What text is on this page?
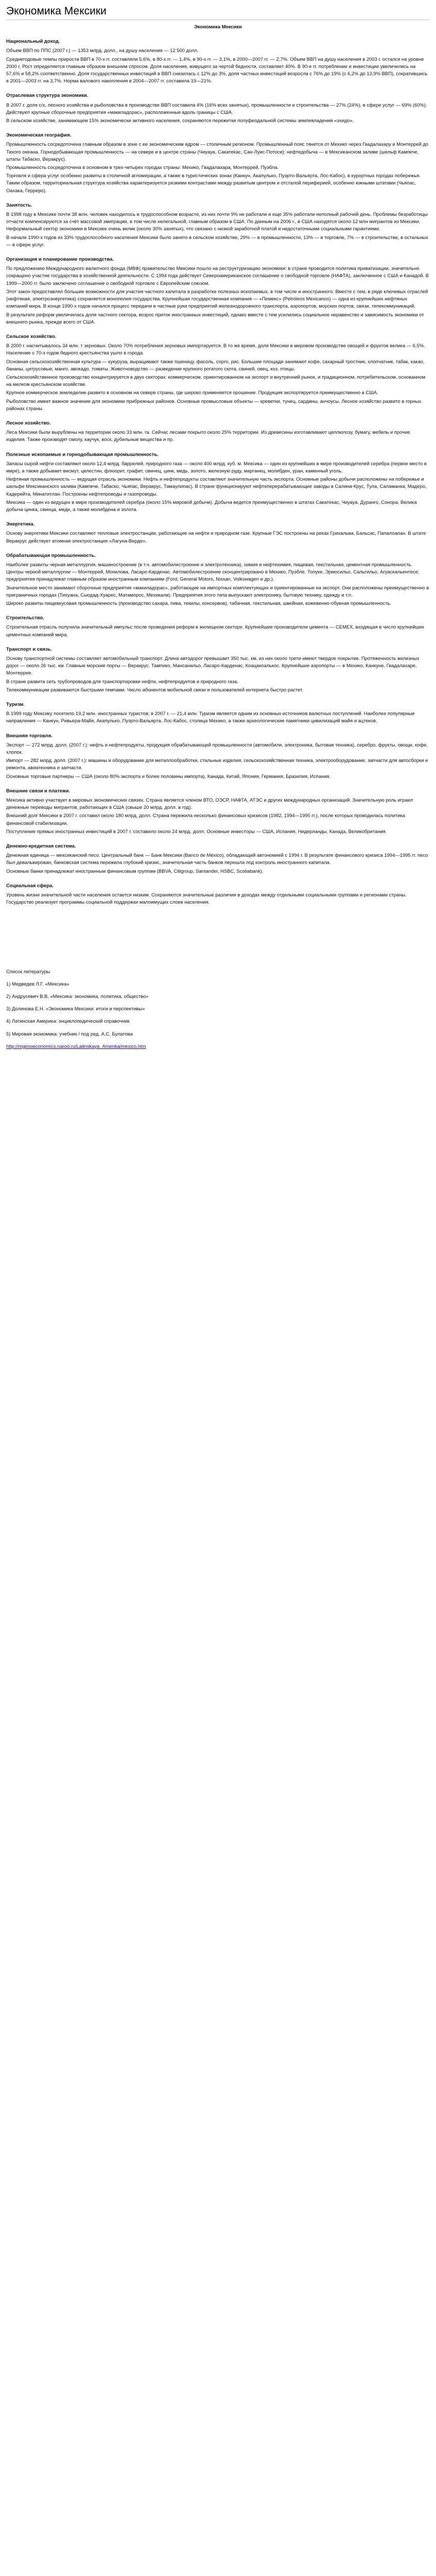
Экономика Мексики
Экономика Мексики
Национальный доход.
Объем ВВП по ППС (2007 г.) — 1353 млрд. долл., на душу населения — 12 500 долл.
Среднегодовые темпы прироста ВВП в 70-х гг. составляли 5,6%, в 80-х гг. — 1,4%, в 90-х гг. — 3,1%, в 2000—2007 гг. — 2,7%. Объем ВВП на душу населения в 2003 г. остался на уровне 2000 г. Рост определяется главным образом внешним спросом. Доля населения, живущего за чертой бедности, составляет 40%. В 90-е гг. потребление и инвестиции увеличились на 57,6% и 58,2% соответственно. Доля государственных инвестиций в ВВП снизилась с 12% до 3%, доля частных инвестиций возросла с 76% до 19% (с 6,2% до 13,9% ВВП), сократившись в 2001—2003 гг. на 3,7%. Норма валового накопления в 2004—2007 гг. составила 19—21%.
Отраслевая структура экономики.
В 2007 г. доля с/х, лесного хозяйства и рыболовства в производстве ВВП составила 4% (16% всех занятых), промышленности и строительства — 27% (24%), в сфере услуг — 69% (60%). Действуют крупные сборочные предприятия «макиладорас», расположенные вдоль границы с США.
В сельском хозяйстве, занимающем 15% экономически активного населения, сохраняются пережитки полуфеодальной системы землевладения «эхидо».
Экономическая география.
Промышленность сосредоточена главным образом в зоне с ее экономическим ядром — столичным регионом. Промышленный пояс тянется от Мехико через Гвадалахару и Монтеррей до Тихого океана. Горнодобывающая промышленность — на севере и в центре страны (Чиуауа, Сакатекас, Сан-Луис-Потоси); нефтедобыча — в Мексиканском заливе (шельф Кампече, штаты Табаско, Веракрус).
Промышленность сосредоточена в основном в трех-четырех городах страны: Мехико, Гвадалахара, Монтеррей, Пуэбла.
Торговля и сфера услуг особенно развиты в столичной агломерации, а также в туристических зонах (Канкун, Акапулько, Пуэрто-Вальярта, Лос-Кабос), в курортных городах побережья. Таким образом, территориальная структура хозяйства характеризуется резкими контрастами между развитым центром и отсталой периферией, особенно южными штатами (Чьяпас, Оахака, Герреро).
Занятость.
В 1998 году в Мексике почти 38 млн. человек находилось в трудоспособном возрасте, из них почти 9% не работали и еще 35% работали неполный рабочий день. Проблемы безработицы отчасти компенсируются за счёт массовой эмиграции, в том числе нелегальной, главным образом в США. По данным на 2006 г., в США находятся около 12 млн мигрантов из Мексики. Неформальный сектор экономики в Мексике очень велик (около 30% занятых), что связано с низкой заработной платой и недостаточными социальными гарантиями.
В начале 1990-х годов из 33% трудоспособного населения Мексики было занято в сельском хозяйстве, 29% — в промышленности, 13% — в торговле, 7% — в строительстве, в остальных — в сфере услуг.
Организация и планирование производства.
По предложению Международного валютного фонда (МВФ) правительство Мексики пошло на реструктуризацию экономики: в стране проводится политика приватизации, значительно сокращено участие государства в хозяйственной деятельности. С 1994 года действует Североамериканское соглашение о свободной торговле (НАФТА), заключенное с США и Канадой. В 1999—2000 гг. было заключено соглашение о свободной торговле с Европейским союзом.
Этот закон предоставлял большие возможности для участия частного капитала в разработке полезных ископаемых, в том числе и иностранного. Вместе с тем, в ряде ключевых отраслей (нефтяная, электроэнергетика) сохраняется монополия государства. Крупнейшая государственная компания — «Пемекс» (Petróleos Mexicanos) — одна из крупнейших нефтяных компаний мира. В конце 1990-х годов начался процесс передачи в частные руки предприятий железнодорожного транспорта, аэропортов, морских портов, связи, телекоммуникаций.
В результате реформ увеличилась доля частного сектора, возрос приток иностранных инвестиций, однако вместе с тем усилились социальное неравенство и зависимость экономики от внешнего рынка, прежде всего от США.
Сельское хозяйство.
В 2000 г. насчитывалось 34 млн. т зерновых. Около 70% потребления зерновых импортируется. В то же время, доля Мексики в мировом производстве овощей и фруктов велика — 6,5%. Население с 70-х годов бедного крестьянства ушло в города.
Основная сельскохозяйственная культура — кукуруза, выращивают также пшеницу, фасоль, сорго, рис. Большие площади занимают кофе, сахарный тростник, хлопчатник, табак, какао, бананы, цитрусовые, манго, авокадо, томаты. Животноводство — разведение крупного рогатого скота, свиней, овец, коз, птицы.
Сельскохозяйственное производство концентрируется в двух секторах: коммерческом, ориентированном на экспорт и внутренний рынок, и традиционном, потребительском, основанном на мелком крестьянском хозяйстве.
Крупное коммерческое земледелие развито в основном на севере страны, где широко применяется орошение. Продукция экспортируется преимущественно в США.
Рыболовство имеет важное значение для экономики прибрежных районов. Основные промысловые объекты — креветки, тунец, сардины, анчоусы. Лесное хозяйство развито в горных районах страны.
Лесное хозяйство.
Леса Мексики были вырублены на территории около 33 млн. га. Сейчас лесами покрыто около 25% территории. Из древесины изготавливают целлюлозу, бумагу, мебель и прочие изделия. Также производят смолу, каучук, воск, дубильные вещества и пр.
Полезные ископаемые и горнодобывающая промышленность.
Запасы сырой нефти составляют около 12,4 млрд. баррелей, природного газа — около 400 млрд. куб. м. Мексика — один из крупнейших в мире производителей серебра (первое место в мире), а также добывает висмут, целестин, флюорит, графит, свинец, цинк, медь, золото, железную руду, марганец, молибден, уран, каменный уголь.
Нефтяная промышленность — ведущая отрасль экономики. Нефть и нефтепродукты составляют значительную часть экспорта. Основные районы добычи расположены на побережье и шельфе Мексиканского залива (Кампече, Табаско, Чьяпас, Веракрус, Тамаулипас). В стране функционируют нефтеперерабатывающие заводы в Салина-Крус, Тула, Саламанка, Мадеро, Кадерейта, Минатитлан. Построены нефтепроводы и газопроводы.
Мексика — один из ведущих в мире производителей серебра (около 15% мировой добычи). Добыча ведется преимущественно в штатах Сакатекас, Чиуауа, Дуранго, Сонора. Велика добыча цинка, свинца, меди, а также молибдена и золота.
Энергетика.
Основу энергетики Мексики составляют тепловые электростанции, работающие на нефти и природном газе. Крупные ГЭС построены на реках Грихальва, Бальсас, Папалоапан. В штате Веракрус действует атомная электростанция «Лагуна-Верде».
Обрабатывающая промышленность.
Наиболее развиты черная металлургия, машиностроение (в т.ч. автомобилестроение и электротехника), химия и нефтехимия, пищевая, текстильная, цементная промышленность. Центры черной металлургии — Монтеррей, Монклова, Ласаро-Карденас. Автомобилестроение сконцентрировано в Мехико, Пуэбле, Толуке, Эрмосильо, Сальтильо, Агуаскальентесе; предприятия принадлежат главным образом иностранным компаниям (Ford, General Motors, Nissan, Volkswagen и др.).
Значительное место занимают сборочные предприятия «макиладорас», работающие на импортных комплектующих и ориентированные на экспорт. Они расположены преимущественно в приграничных городах (Тихуана, Сьюдад-Хуарес, Матаморос, Мехикали). Предприятия этого типа выпускают электронику, бытовую технику, одежду и т.п.
Широко развиты пищевкусовая промышленность (производство сахара, пива, текилы, консервов), табачная, текстильная, швейная, кожевенно-обувная промышленность.
Строительство.
Строительная отрасль получила значительный импульс после проведения реформ в жилищном секторе. Крупнейшие производители цемента — CEMEX, входящая в число крупнейших цементных компаний мира.
Транспорт и связь.
Основу транспортной системы составляет автомобильный транспорт. Длина автодорог превышает 350 тыс. км, из них около трети имеют твердое покрытие. Протяженность железных дорог — около 26 тыс. км. Главные морские порты — Веракрус, Тампико, Мансанильо, Ласаро-Карденас, Коацакоалькос. Крупнейшие аэропорты — в Мехико, Канкуне, Гвадалахаре, Монтеррее.
В стране развита сеть трубопроводов для транспортировки нефти, нефтепродуктов и природного газа.
Телекоммуникации развиваются быстрыми темпами. Число абонентов мобильной связи и пользователей интернета быстро растет.
Туризм.
В 1999 году Мексику посетило 19,2 млн. иностранных туристов; в 2007 г. — 21,4 млн. Туризм является одним из основных источников валютных поступлений. Наиболее популярные направления — Канкун, Ривьера-Майя, Акапулько, Пуэрто-Вальярта, Лос-Кабос, столица Мехико, а также археологические памятники цивилизаций майя и ацтеков.
Внешняя торговля.
Экспорт — 272 млрд. долл. (2007 г.): нефть и нефтепродукты, продукция обрабатывающей промышленности (автомобили, электроника, бытовая техника), серебро, фрукты, овощи, кофе, хлопок.
Импорт — 282 млрд. долл. (2007 г.): машины и оборудование для металлообработки, стальные изделия, сельскохозяйственная техника, электрооборудование, запчасти для автосборки и ремонта, авиатехника и запчасти.
Основные торговые партнеры — США (около 80% экспорта и более половины импорта), Канада, Китай, Япония, Германия, Бразилия, Испания.
Внешние связи и платежи.
Мексика активно участвует в мировых экономических связях. Страна является членом ВТО, ОЭСР, НАФТА, АТЭС и других международных организаций. Значительную роль играют денежные переводы мигрантов, работающих в США (свыше 20 млрд. долл. в год).
Внешний долг Мексики в 2007 г. составил около 180 млрд. долл. Страна пережила несколько финансовых кризисов (1982, 1994—1995 гг.), после которых проводилась политика финансовой стабилизации.
Поступление прямых иностранных инвестиций в 2007 г. составило около 24 млрд. долл. Основные инвесторы — США, Испания, Нидерланды, Канада, Великобритания.
Денежно-кредитная система.
Денежная единица — мексиканский песо. Центральный банк — Банк Мексики (Banco de México), обладающий автономией с 1994 г. В результате финансового кризиса 1994—1995 гг. песо был девальвирован, банковская система пережила глубокий кризис, значительная часть банков перешла под контроль иностранного капитала.
Основные банки принадлежат иностранным финансовым группам (BBVA, Citigroup, Santander, HSBC, Scotiabank).
Социальная сфера.
Уровень жизни значительной части населения остается низким. Сохраняются значительные различия в доходах между отдельными социальными группами и регионами страны. Государство реализует программы социальной поддержки малоимущих слоев населения.
Список литературы
1) Медведев Л.Г. «Мексика»
2) Андрусевич В.В. «Мексика: экономика, политика, общество»
3) Долинова Е.Н. «Экономика Мексики: итоги и перспективы»
4) Латинская Америка: энциклопедический справочник
5) Мировая экономика: учебник / под ред. А.С. Булатова
http://mgimoeconomics.narod.ru/Latinskaya_Amerika/mexico.htm
